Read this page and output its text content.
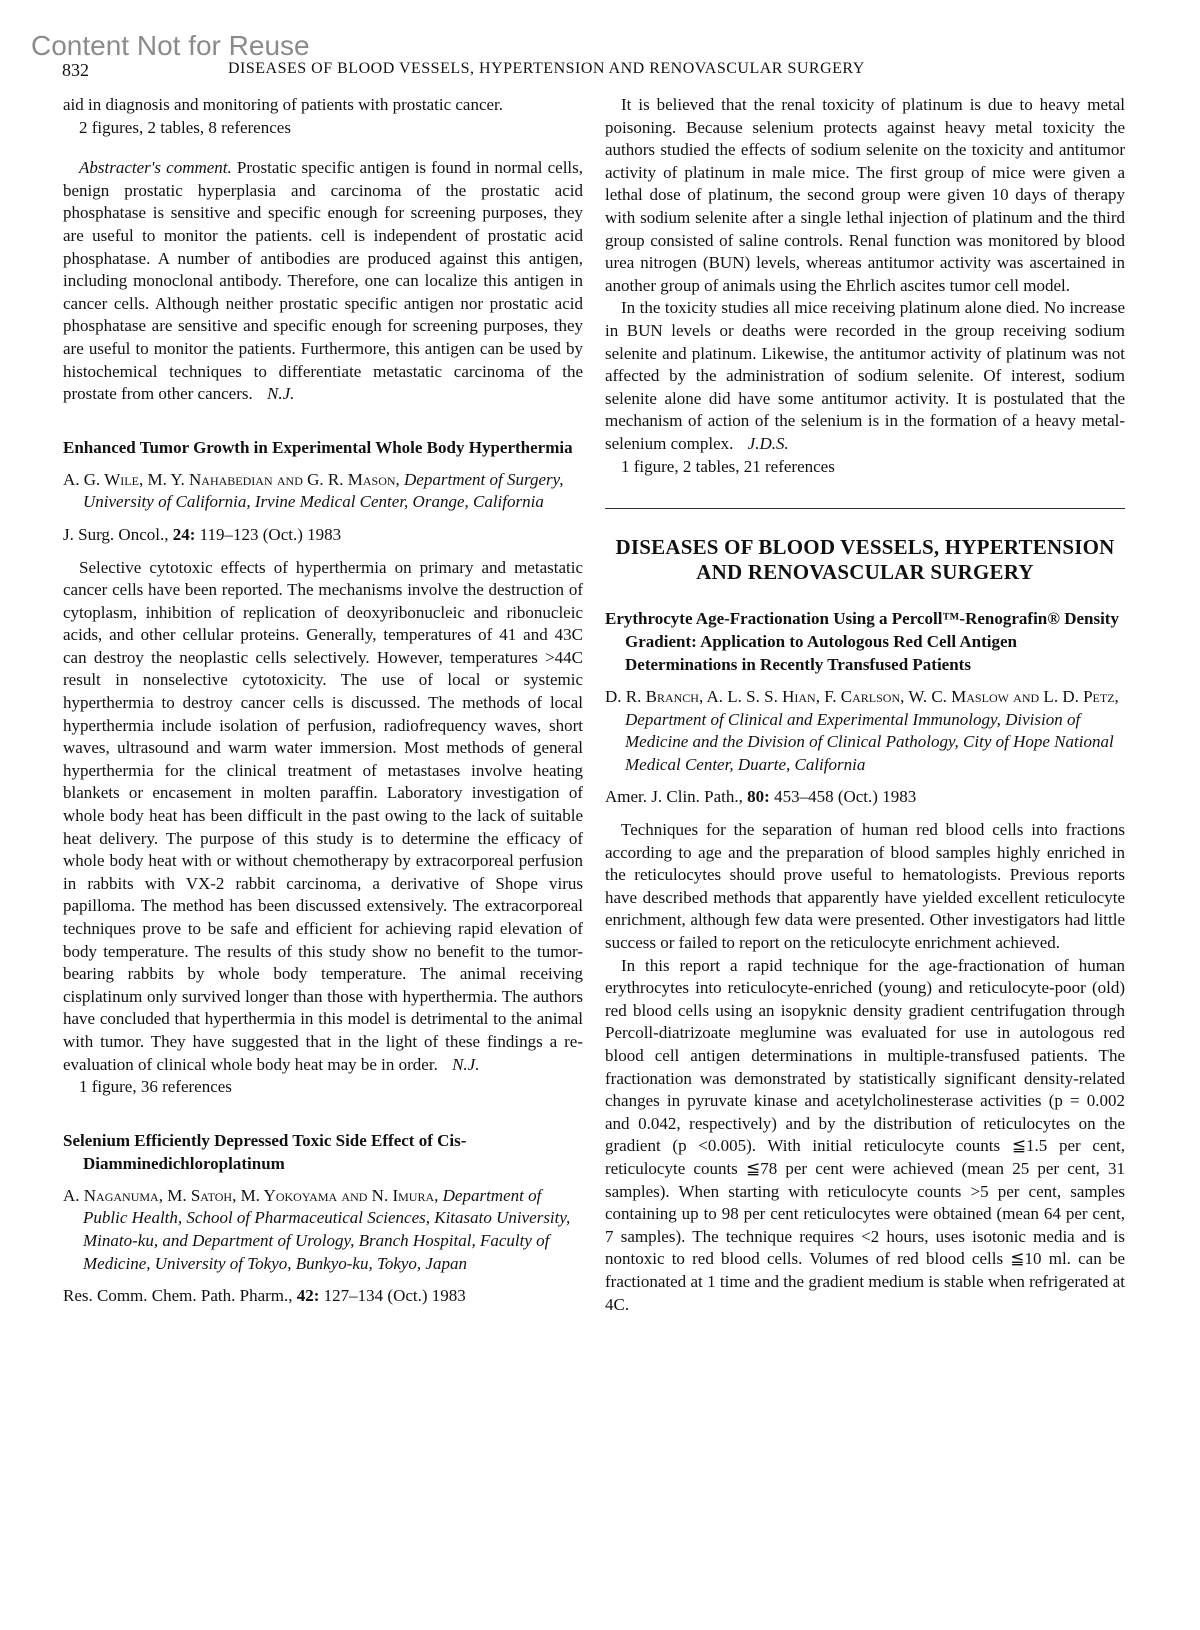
Content Not for Reuse
832	DISEASES OF BLOOD VESSELS, HYPERTENSION AND RENOVASCULAR SURGERY

aid in diagnosis and monitoring of patients with prostatic cancer.

2 figures, 2 tables, 8 references

Abstracter's comment. Prostatic specific antigen is found in normal cells, benign prostatic hyperplasia and carcinoma of the prostatic acid phosphatase is sensitive and specific enough for screening purposes, they are useful to monitor the patients. cell is independent of prostatic acid phosphatase. A number of antibodies are produced against this antigen, including monoclonal antibody. Therefore, one can localize this antigen in cancer cells. Although neither prostatic specific antigen nor prostatic acid phosphatase are sensitive and specific enough for screening purposes, they are useful to monitor the patients. Furthermore, this antigen can be used by histochemical techniques to differentiate metastatic carcinoma of the prostate from other cancers. N.J.

Enhanced Tumor Growth in Experimental Whole Body Hyperthermia

A. G. Wile, M. Y. Nahabedian and G. R. Mason, Department of Surgery, University of California, Irvine Medical Center, Orange, California

J. Surg. Oncol., 24: 119–123 (Oct.) 1983

Selective cytotoxic effects of hyperthermia on primary and metastatic cancer cells have been reported. The mechanisms involve the destruction of cytoplasm, inhibition of replication of deoxyribonucleic and ribonucleic acids, and other cellular proteins. Generally, temperatures of 41 and 43C can destroy the neoplastic cells selectively. However, temperatures >44C result in nonselective cytotoxicity. The use of local or systemic hyperthermia to destroy cancer cells is discussed. The methods of local hyperthermia include isolation of perfusion, radiofrequency waves, short waves, ultrasound and warm water immersion. Most methods of general hyperthermia for the clinical treatment of metastases involve heating blankets or encasement in molten paraffin. Laboratory investigation of whole body heat has been difficult in the past owing to the lack of suitable heat delivery. The purpose of this study is to determine the efficacy of whole body heat with or without chemotherapy by extracorporeal perfusion in rabbits with VX-2 rabbit carcinoma, a derivative of Shope virus papilloma. The method has been discussed extensively. The extracorporeal techniques prove to be safe and efficient for achieving rapid elevation of body temperature. The results of this study show no benefit to the tumor-bearing rabbits by whole body temperature. The animal receiving cisplatinum only survived longer than those with hyperthermia. The authors have concluded that hyperthermia in this model is detrimental to the animal with tumor. They have suggested that in the light of these findings a re-evaluation of clinical whole body heat may be in order. N.J.

1 figure, 36 references

Selenium Efficiently Depressed Toxic Side Effect of Cis-Diamminedichloroplatinum

A. Naganuma, M. Satoh, M. Yokoyama and N. Imura, Department of Public Health, School of Pharmaceutical Sciences, Kitasato University, Minato-ku, and Department of Urology, Branch Hospital, Faculty of Medicine, University of Tokyo, Bunkyo-ku, Tokyo, Japan

Res. Comm. Chem. Path. Pharm., 42: 127–134 (Oct.) 1983

It is believed that the renal toxicity of platinum is due to heavy metal poisoning. Because selenium protects against heavy metal toxicity the authors studied the effects of sodium selenite on the toxicity and antitumor activity of platinum in male mice. The first group of mice were given a lethal dose of platinum, the second group were given 10 days of therapy with sodium selenite after a single lethal injection of platinum and the third group consisted of saline controls. Renal function was monitored by blood urea nitrogen (BUN) levels, whereas antitumor activity was ascertained in another group of animals using the Ehrlich ascites tumor cell model.

In the toxicity studies all mice receiving platinum alone died. No increase in BUN levels or deaths were recorded in the group receiving sodium selenite and platinum. Likewise, the antitumor activity of platinum was not affected by the administration of sodium selenite. Of interest, sodium selenite alone did have some antitumor activity. It is postulated that the mechanism of action of the selenium is in the formation of a heavy metal-selenium complex. J.D.S.

1 figure, 2 tables, 21 references

DISEASES OF BLOOD VESSELS, HYPERTENSION AND RENOVASCULAR SURGERY

Erythrocyte Age-Fractionation Using a Percoll™-Renografin® Density Gradient: Application to Autologous Red Cell Antigen Determinations in Recently Transfused Patients

D. R. Branch, A. L. S. S. Hian, F. Carlson, W. C. Maslow and L. D. Petz, Department of Clinical and Experimental Immunology, Division of Medicine and the Division of Clinical Pathology, City of Hope National Medical Center, Duarte, California

Amer. J. Clin. Path., 80: 453–458 (Oct.) 1983

Techniques for the separation of human red blood cells into fractions according to age and the preparation of blood samples highly enriched in the reticulocytes should prove useful to hematologists. Previous reports have described methods that apparently have yielded excellent reticulocyte enrichment, although few data were presented. Other investigators had little success or failed to report on the reticulocyte enrichment achieved.

In this report a rapid technique for the age-fractionation of human erythrocytes into reticulocyte-enriched (young) and reticulocyte-poor (old) red blood cells using an isopyknic density gradient centrifugation through Percoll-diatrizoate meglumine was evaluated for use in autologous red blood cell antigen determinations in multiple-transfused patients. The fractionation was demonstrated by statistically significant density-related changes in pyruvate kinase and acetylcholinesterase activities (p = 0.002 and 0.042, respectively) and by the distribution of reticulocytes on the gradient (p <0.005). With initial reticulocyte counts ≦1.5 per cent, reticulocyte counts ≦78 per cent were achieved (mean 25 per cent, 31 samples). When starting with reticulocyte counts >5 per cent, samples containing up to 98 per cent reticulocytes were obtained (mean 64 per cent, 7 samples). The technique requires <2 hours, uses isotonic media and is nontoxic to red blood cells. Volumes of red blood cells ≦10 ml. can be fractionated at 1 time and the gradient medium is stable when refrigerated at 4C.
